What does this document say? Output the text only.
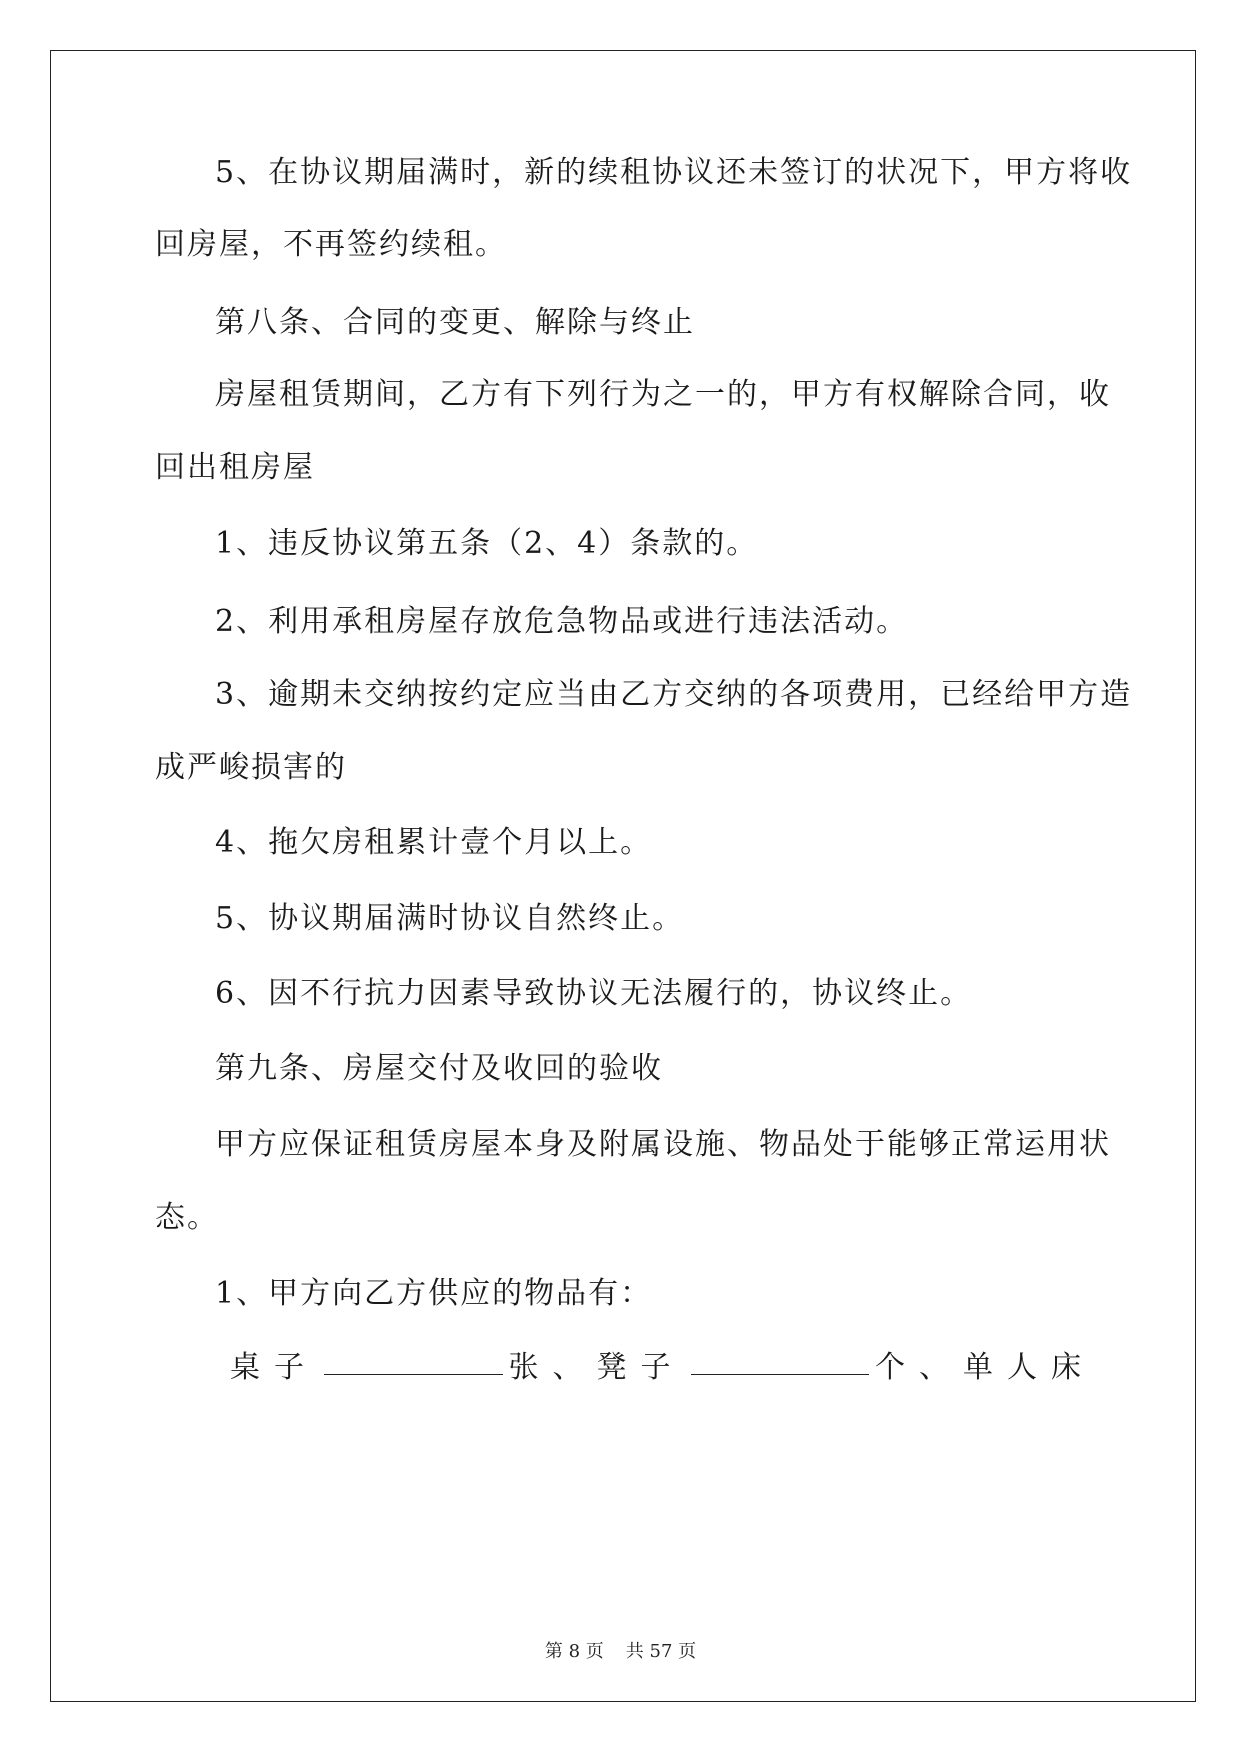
5、在协议期届满时，新的续租协议还未签订的状况下，甲方将收
回房屋，不再签约续租。
第八条、合同的变更、解除与终止
房屋租赁期间，乙方有下列行为之一的，甲方有权解除合同，收
回出租房屋
1、违反协议第五条（2、4）条款的。
2、利用承租房屋存放危急物品或进行违法活动。
3、逾期未交纳按约定应当由乙方交纳的各项费用，已经给甲方造
成严峻损害的
4、拖欠房租累计壹个月以上。
5、协议期届满时协议自然终止。
6、因不行抗力因素导致协议无法履行的，协议终止。
第九条、房屋交付及收回的验收
甲方应保证租赁房屋本身及附属设施、物品处于能够正常运用状
态。
1、甲方向乙方供应的物品有：
桌子	张、 凳子	个、 单人床
第 8 页 共 57 页
